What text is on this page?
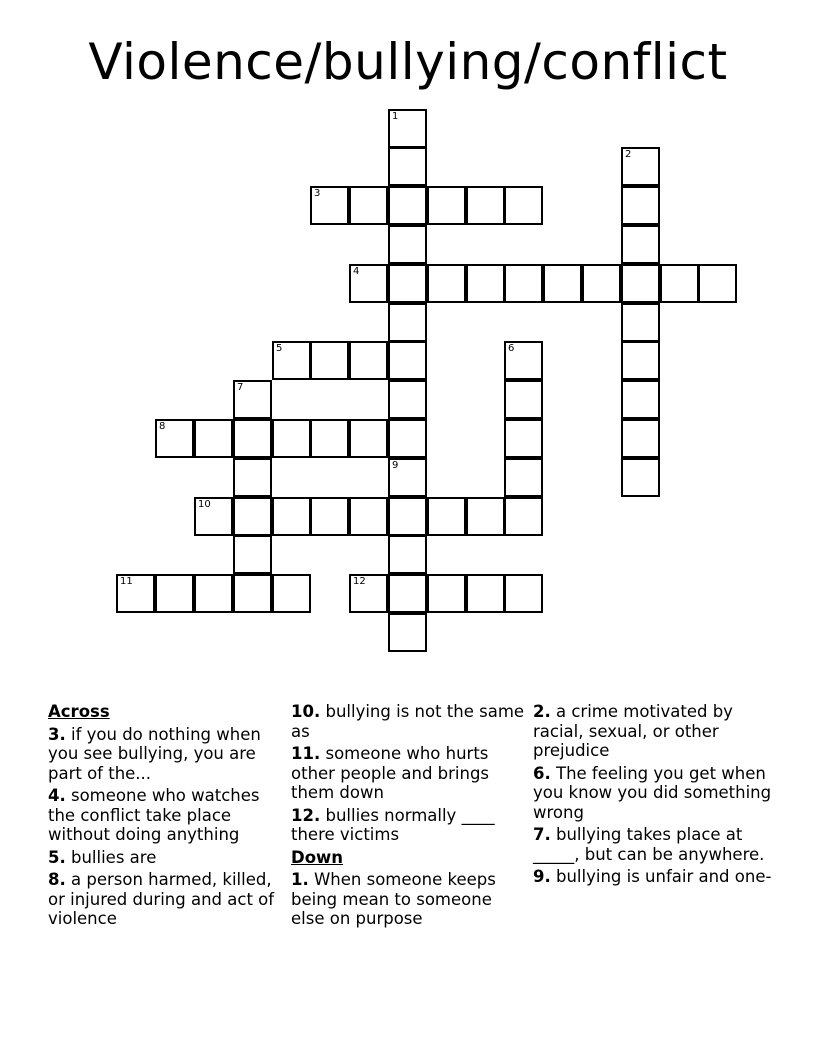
Violence/bullying/conflict
1
3
4
2
5	6
7
8
9
10
11	12
Across
3. if you do nothing when you see bullying, you are part of the...
4. someone who watches the conflict take place without doing anything
5. bullies are
8. a person harmed, killed, or injured during and act of violence
10. bullying is not the same as
11. someone who hurts other people and brings them down
12. bullies normally ____ there victims
Down
1. When someone keeps being mean to someone else on purpose
2. a crime motivated by racial, sexual, or other prejudice
6. The feeling you get when you know you did something wrong
7. bullying takes place at _____, but can be anywhere.
9. bullying is unfair and one-
